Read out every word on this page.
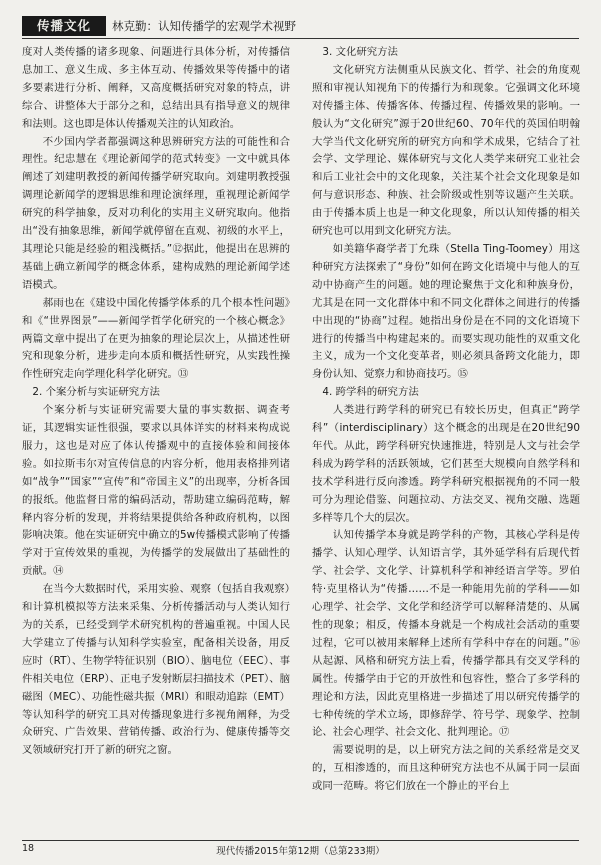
传播文化	林克勤：认知传播学的宏观学术视野

度对人类传播的诸多现象、问题进行具体分析，对传播信息加工、意义生成、多主体互动、传播效果等传播中的诸多要素进行分析、阐释，又高度概括研究对象的特点，讲综合、讲整体大于部分之和，总结出具有指导意义的规律和法则。这也即是体认传播观关注的认知政治。

不少国内学者都强调这种思辨研究方法的可能性和合理性。纪忠慧在《理论新闻学的范式转变》一文中就具体阐述了刘建明教授的新闻传播学研究取向。刘建明教授强调理论新闻学的逻辑思维和理论演绎理，重视理论新闻学研究的科学抽象，反对功利化的实用主义研究取向。他指出“没有抽象思维，新闻学就停留在直观、初级的水平上，其理论只能是经验的粗浅概括。”⑫据此，他提出在思辨的基础上确立新闻学的概念体系，建构成熟的理论新闻学述语模式。

郝雨也在《建设中国化传播学体系的几个根本性问题》和《“世界图景”——新闻学哲学化研究的一个核心概念》两篇文章中提出了在更为抽象的理论层次上，从描述性研究和现象分析，进步走向本质和概括性研究，从实践性操作性研究走向学理化科学化研究。⑬

2. 个案分析与实证研究方法

个案分析与实证研究需要大量的事实数据、调查考证，其逻辑实证性很强，要求以具体详实的材料来构成说服力，这也是对应了体认传播观中的直接体验和间接体验。如拉斯韦尔对宣传信息的内容分析，他用表格排列诸如“战争”“国家”“宣传”和“帝国主义”的出现率，分析各国的报纸。他监督日常的编码活动，帮助建立编码范畴，解释内容分析的发现，并将结果提供给各种政府机构，以图影响决策。他在实证研究中确立的5w传播模式影响了传播学对于宣传效果的重视，为传播学的发展做出了基础性的贡献。⑭

在当今大数据时代，采用实验、观察（包括自我观察）和计算机模拟等方法来采集、分析传播活动与人类认知行为的关系，已经受到学术研究机构的普遍重视。中国人民大学建立了传播与认知科学实验室，配备相关设备，用反应时（RT）、生物学特征识别（BIO）、脑电位（EEC）、事件相关电位（ERP）、正电子发射断层扫描技术（PET）、脑磁图（MEC）、功能性磁共振（MRI）和眼动追踪（EMT）等认知科学的研究工具对传播现象进行多视角阐释，为受众研究、广告效果、营销传播、政治行为、健康传播等交叉领域研究打开了新的研究之窗。

3. 文化研究方法

文化研究方法侧重从民族文化、哲学、社会的角度观照和审视认知视角下的传播行为和现象。它强调文化环境对传播主体、传播客体、传播过程、传播效果的影响。一般认为“文化研究”源于20世纪60、70年代的英国伯明翰大学当代文化研究所的研究方向和学术成果，它结合了社会学、文学理论、媒体研究与文化人类学来研究工业社会和后工业社会中的文化现象，关注某个社会文化现象是如何与意识形态、种族、社会阶级或性别等议题产生关联。由于传播本质上也是一种文化现象，所以认知传播的相关研究也可以用到文化研究方法。

如美籍华裔学者丁允珠（Stella Ting-Toomey）用这种研究方法探索了“身份”如何在跨文化语境中与他人的互动中协商产生的问题。她的理论聚焦于文化和种族身份，尤其是在同一文化群体中和不同文化群体之间进行的传播中出现的“协商”过程。她指出身份是在不同的文化语境下进行的传播当中构建起来的。而要实现功能性的双重文化主义，成为一个文化变革者，则必须具备跨文化能力，即身份认知、觉察力和协商技巧。⑮

4. 跨学科的研究方法

人类进行跨学科的研究已有较长历史，但真正“跨学科”（interdisciplinary）这个概念的出现是在20世纪90年代。从此，跨学科研究快速推进，特别是人文与社会学科成为跨学科的活跃领域，它们甚至大规模向自然学科和技术学科进行反向渗透。跨学科研究根据视角的不同一般可分为理论借鉴、问题拉动、方法交叉、视角交融、选题多样等几个大的层次。

认知传播学本身就是跨学科的产物，其核心学科是传播学、认知心理学、认知语言学，其外延学科有后现代哲学、社会学、文化学、计算机科学和神经语言学等。罗伯特·克里格认为“传播……不是一种能用先前的学科——如心理学、社会学、文化学和经济学可以解释清楚的、从属性的现象；相反，传播本身就是一个构成社会活动的重要过程，它可以被用来解释上述所有学科中存在的问题。”⑯从起源、风格和研究方法上看，传播学都具有交叉学科的属性。传播学由于它的开放性和包容性，整合了多学科的理论和方法，因此克里格进一步描述了用以研究传播学的七种传统的学术立场，即修辞学、符号学、现象学、控制论、社会心理学、社会文化、批判理论。⑰

需要说明的是，以上研究方法之间的关系经常是交叉的，互相渗透的，而且这种研究方法也不从属于同一层面或同一范畴。将它们放在一个静止的平台上

18	现代传播2015年第12期（总第233期）
